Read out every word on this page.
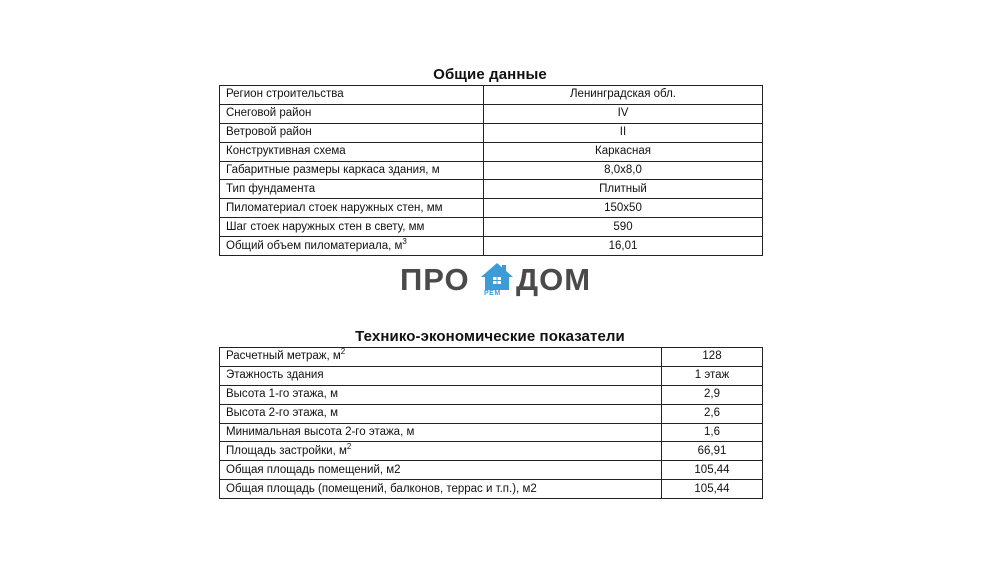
Общие данные
Регион строительства	Ленинградская обл.
Снеговой район	IV
Ветровой район	II
Конструктивная схема	Каркасная
Габаритные размеры каркаса здания, м	8,0х8,0
Тип фундамента	Плитный
Пиломатериал стоек наружных стен, мм	150х50
Шаг стоек наружных стен в свету, мм	590
Общий объем пиломатериала, $м^3$	16,01
ПРО РЕМ ДОМ
Технико-экономические показатели
Расчетный метраж, $м^2$	128
Этажность здания	1 этаж
Высота 1-го этажа, м	2,9
Высота 2-го этажа, м	2,6
Минимальная высота 2-го этажа, м	1,6
Площадь застройки, $м^2$	66,91
Общая площадь помещений, м2	105,44
Общая площадь (помещений, балконов, террас и т.п.), м2	105,44
